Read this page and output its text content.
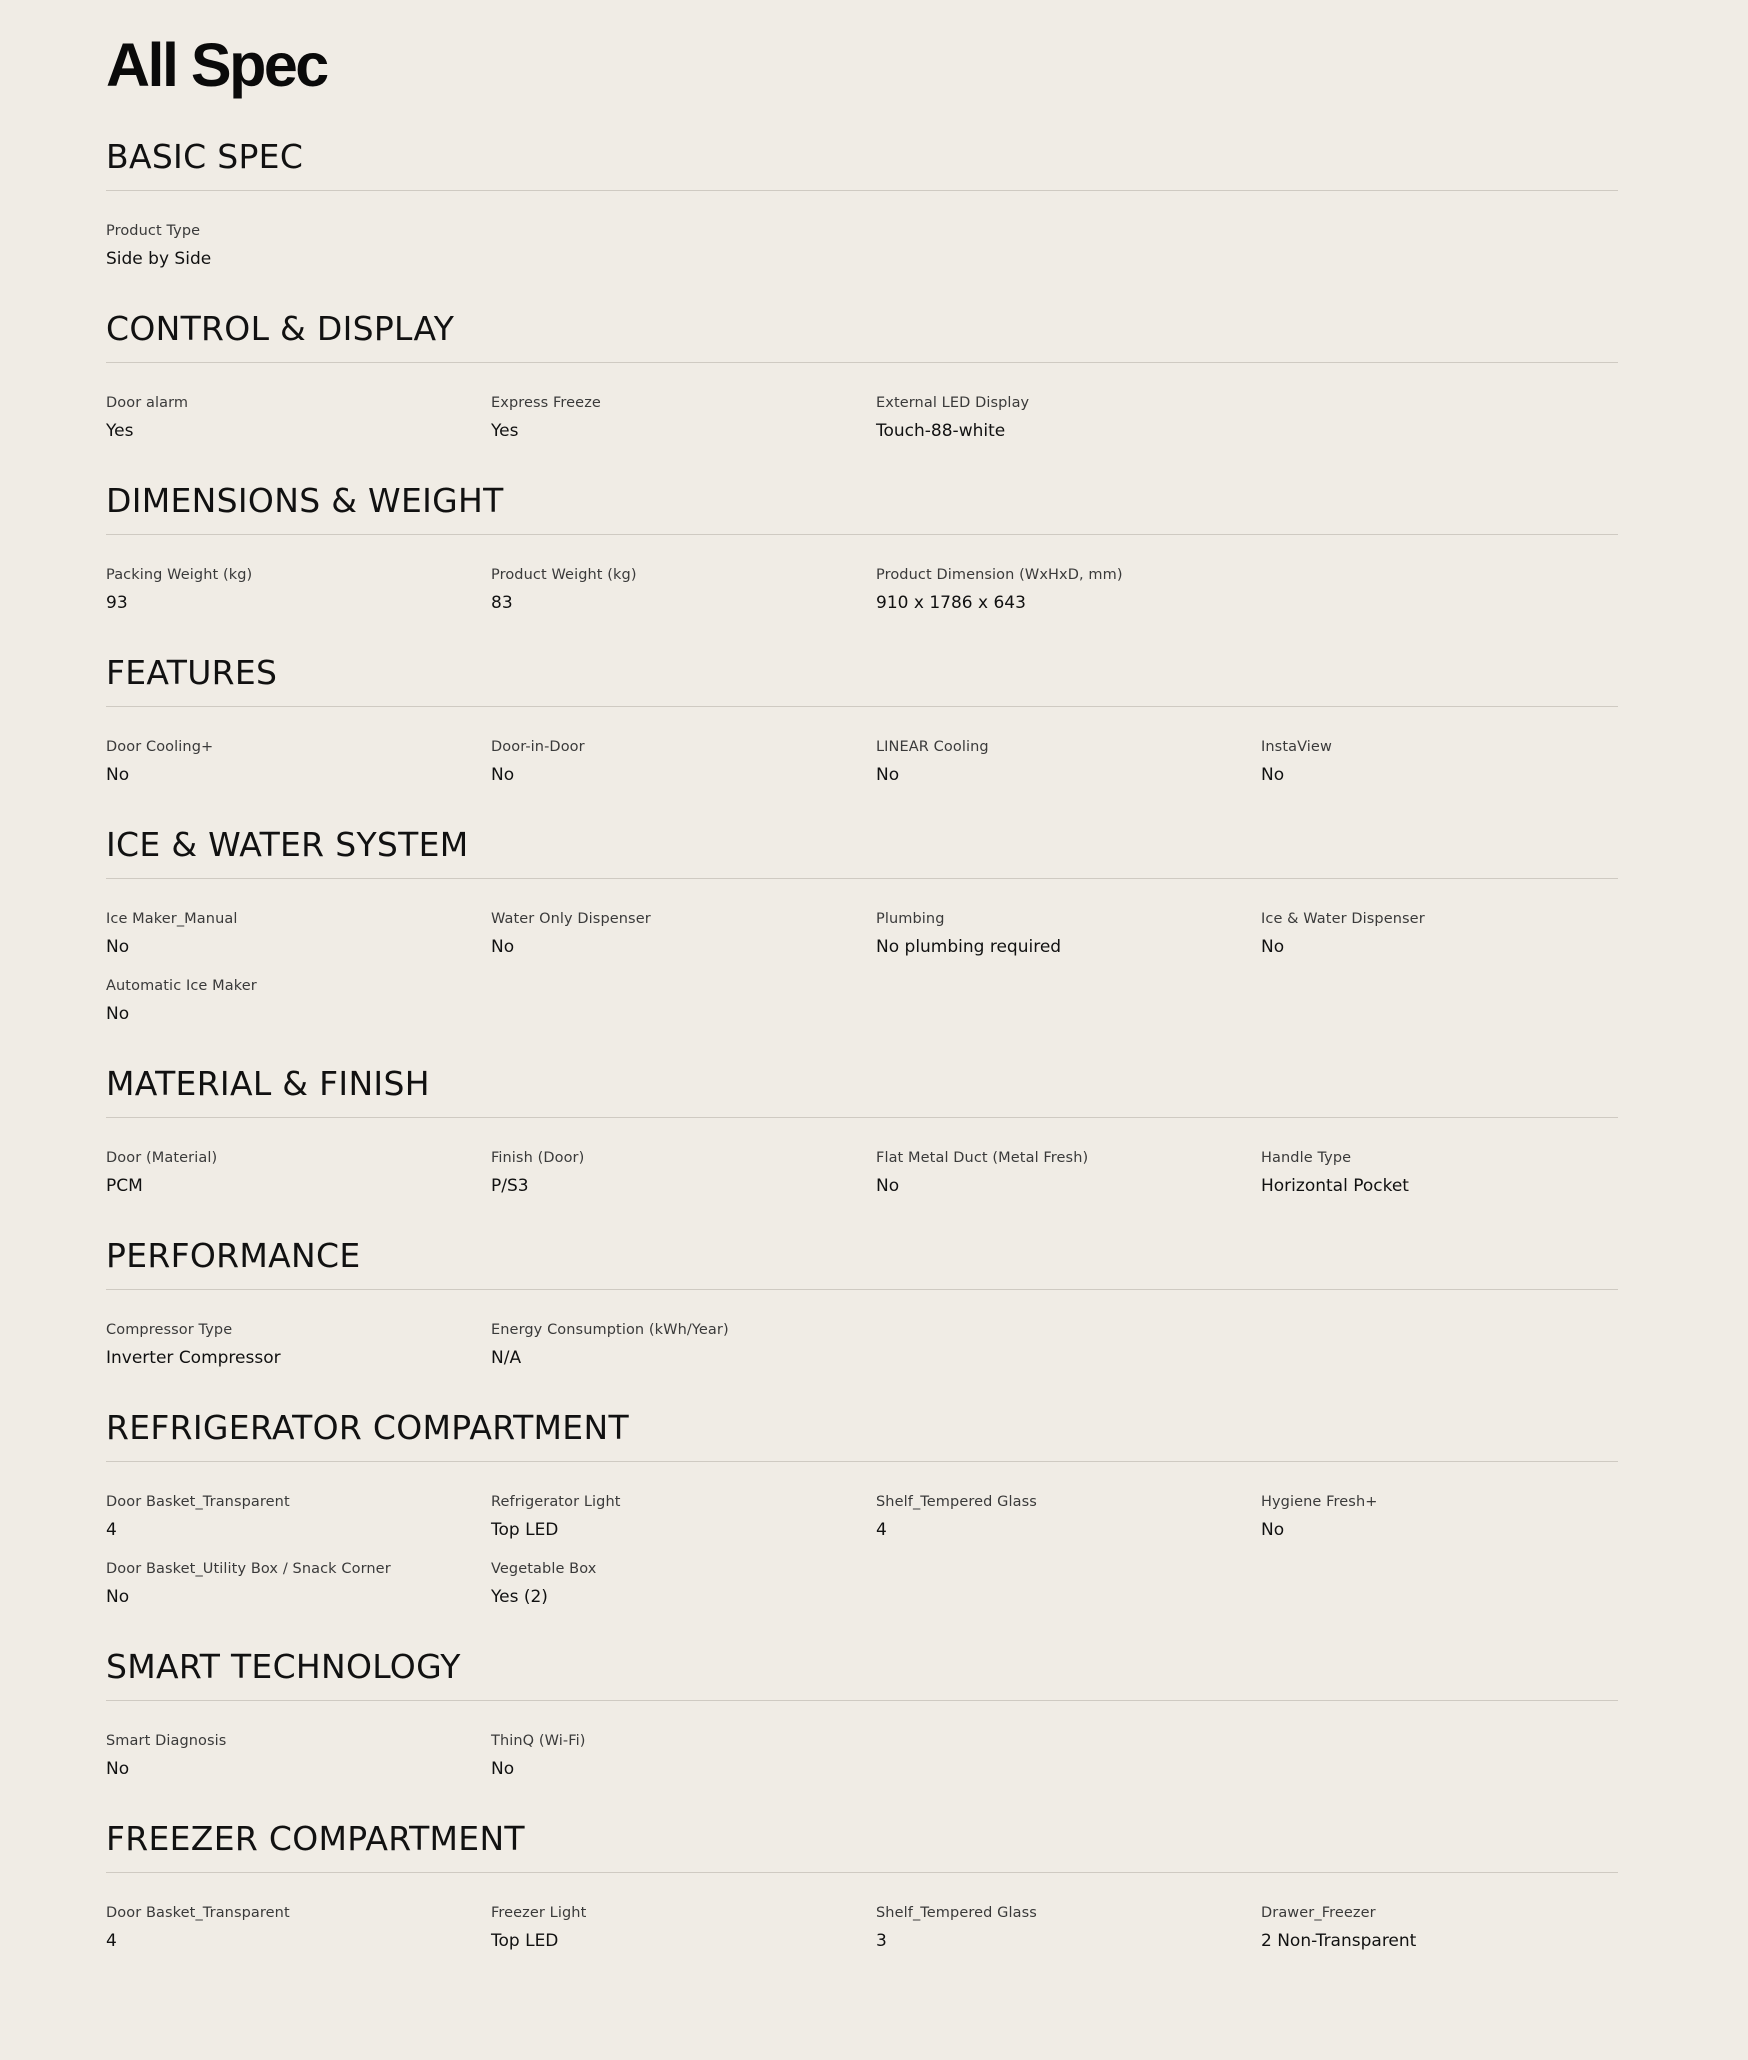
All Spec
BASIC SPEC
Product Type
Side by Side
CONTROL & DISPLAY
Door alarm
Yes
Express Freeze
Yes
External LED Display
Touch-88-white
DIMENSIONS & WEIGHT
Packing Weight (kg)
93
Product Weight (kg)
83
Product Dimension (WxHxD, mm)
910 x 1786 x 643
FEATURES
Door Cooling+
No
Door-in-Door
No
LINEAR Cooling
No
InstaView
No
ICE & WATER SYSTEM
Ice Maker_Manual
No
Water Only Dispenser
No
Plumbing
No plumbing required
Ice & Water Dispenser
No
Automatic Ice Maker
No
MATERIAL & FINISH
Door (Material)
PCM
Finish (Door)
P/S3
Flat Metal Duct (Metal Fresh)
No
Handle Type
Horizontal Pocket
PERFORMANCE
Compressor Type
Inverter Compressor
Energy Consumption (kWh/Year)
N/A
REFRIGERATOR COMPARTMENT
Door Basket_Transparent
4
Refrigerator Light
Top LED
Shelf_Tempered Glass
4
Hygiene Fresh+
No
Door Basket_Utility Box / Snack Corner
No
Vegetable Box
Yes (2)
SMART TECHNOLOGY
Smart Diagnosis
No
ThinQ (Wi-Fi)
No
FREEZER COMPARTMENT
Door Basket_Transparent
4
Freezer Light
Top LED
Shelf_Tempered Glass
3
Drawer_Freezer
2 Non-Transparent
